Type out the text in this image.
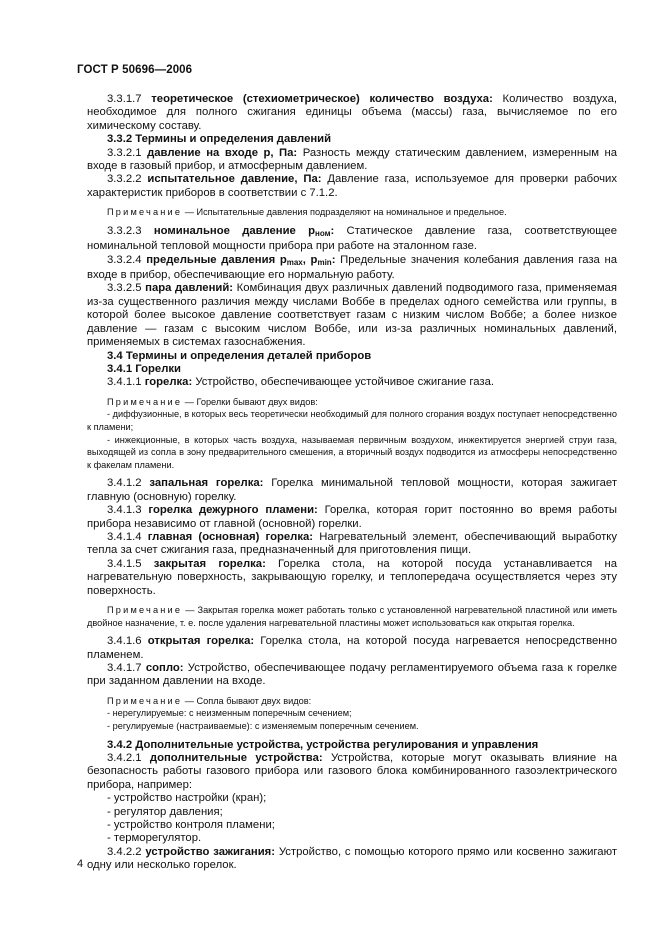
ГОСТ Р 50696—2006

3.3.1.7 теоретическое (стехиометрическое) количество воздуха: Количество воздуха, необходимое для полного сжигания единицы объема (массы) газа, вычисляемое по его химическому составу.

3.3.2 Термины и определения давлений

3.3.2.1 давление на входе p, Па: Разность между статическим давлением, измеренным на входе в газовый прибор, и атмосферным давлением.

3.3.2.2 испытательное давление, Па: Давление газа, используемое для проверки рабочих характеристик приборов в соответствии с 7.1.2.

Примечание — Испытательные давления подразделяют на номинальное и предельное.

3.3.2.3 номинальное давление $p_{ном}$: Статическое давление газа, соответствующее номинальной тепловой мощности прибора при работе на эталонном газе.

3.3.2.4 предельные давления $p_{max}$, $p_{min}$: Предельные значения колебания давления газа на входе в прибор, обеспечивающие его нормальную работу.

3.3.2.5 пара давлений: Комбинация двух различных давлений подводимого газа, применяемая из-за существенного различия между числами Воббе в пределах одного семейства или группы, в которой более высокое давление соответствует газам с низким числом Воббе; а более низкое давление — газам с высоким числом Воббе, или из-за различных номинальных давлений, применяемых в системах газоснабжения.

3.4 Термины и определения деталей приборов

3.4.1 Горелки

3.4.1.1 горелка: Устройство, обеспечивающее устойчивое сжигание газа.

Примечание — Горелки бывают двух видов:

- диффузионные, в которых весь теоретически необходимый для полного сгорания воздух поступает непосредственно к пламени;

- инжекционные, в которых часть воздуха, называемая первичным воздухом, инжектируется энергией струи газа, выходящей из сопла в зону предварительного смешения, а вторичный воздух подводится из атмосферы непосредственно к факелам пламени.

3.4.1.2 запальная горелка: Горелка минимальной тепловой мощности, которая зажигает главную (основную) горелку.

3.4.1.3 горелка дежурного пламени: Горелка, которая горит постоянно во время работы прибора независимо от главной (основной) горелки.

3.4.1.4 главная (основная) горелка: Нагревательный элемент, обеспечивающий выработку тепла за счет сжигания газа, предназначенный для приготовления пищи.

3.4.1.5 закрытая горелка: Горелка стола, на которой посуда устанавливается на нагревательную поверхность, закрывающую горелку, и теплопередача осуществляется через эту поверхность.

Примечание — Закрытая горелка может работать только с установленной нагревательной пластиной или иметь двойное назначение, т. е. после удаления нагревательной пластины может использоваться как открытая горелка.

3.4.1.6 открытая горелка: Горелка стола, на которой посуда нагревается непосредственно пламенем.

3.4.1.7 сопло: Устройство, обеспечивающее подачу регламентируемого объема газа к горелке при заданном давлении на входе.

Примечание — Сопла бывают двух видов:

- нерегулируемые: с неизменным поперечным сечением;

- регулируемые (настраиваемые): с изменяемым поперечным сечением.

3.4.2 Дополнительные устройства, устройства регулирования и управления

3.4.2.1 дополнительные устройства: Устройства, которые могут оказывать влияние на безопасность работы газового прибора или газового блока комбинированного газоэлектрического прибора, например:

- устройство настройки (кран);

- регулятор давления;

- устройство контроля пламени;

- терморегулятор.

3.4.2.2 устройство зажигания: Устройство, с помощью которого прямо или косвенно зажигают одну или несколько горелок.

4
